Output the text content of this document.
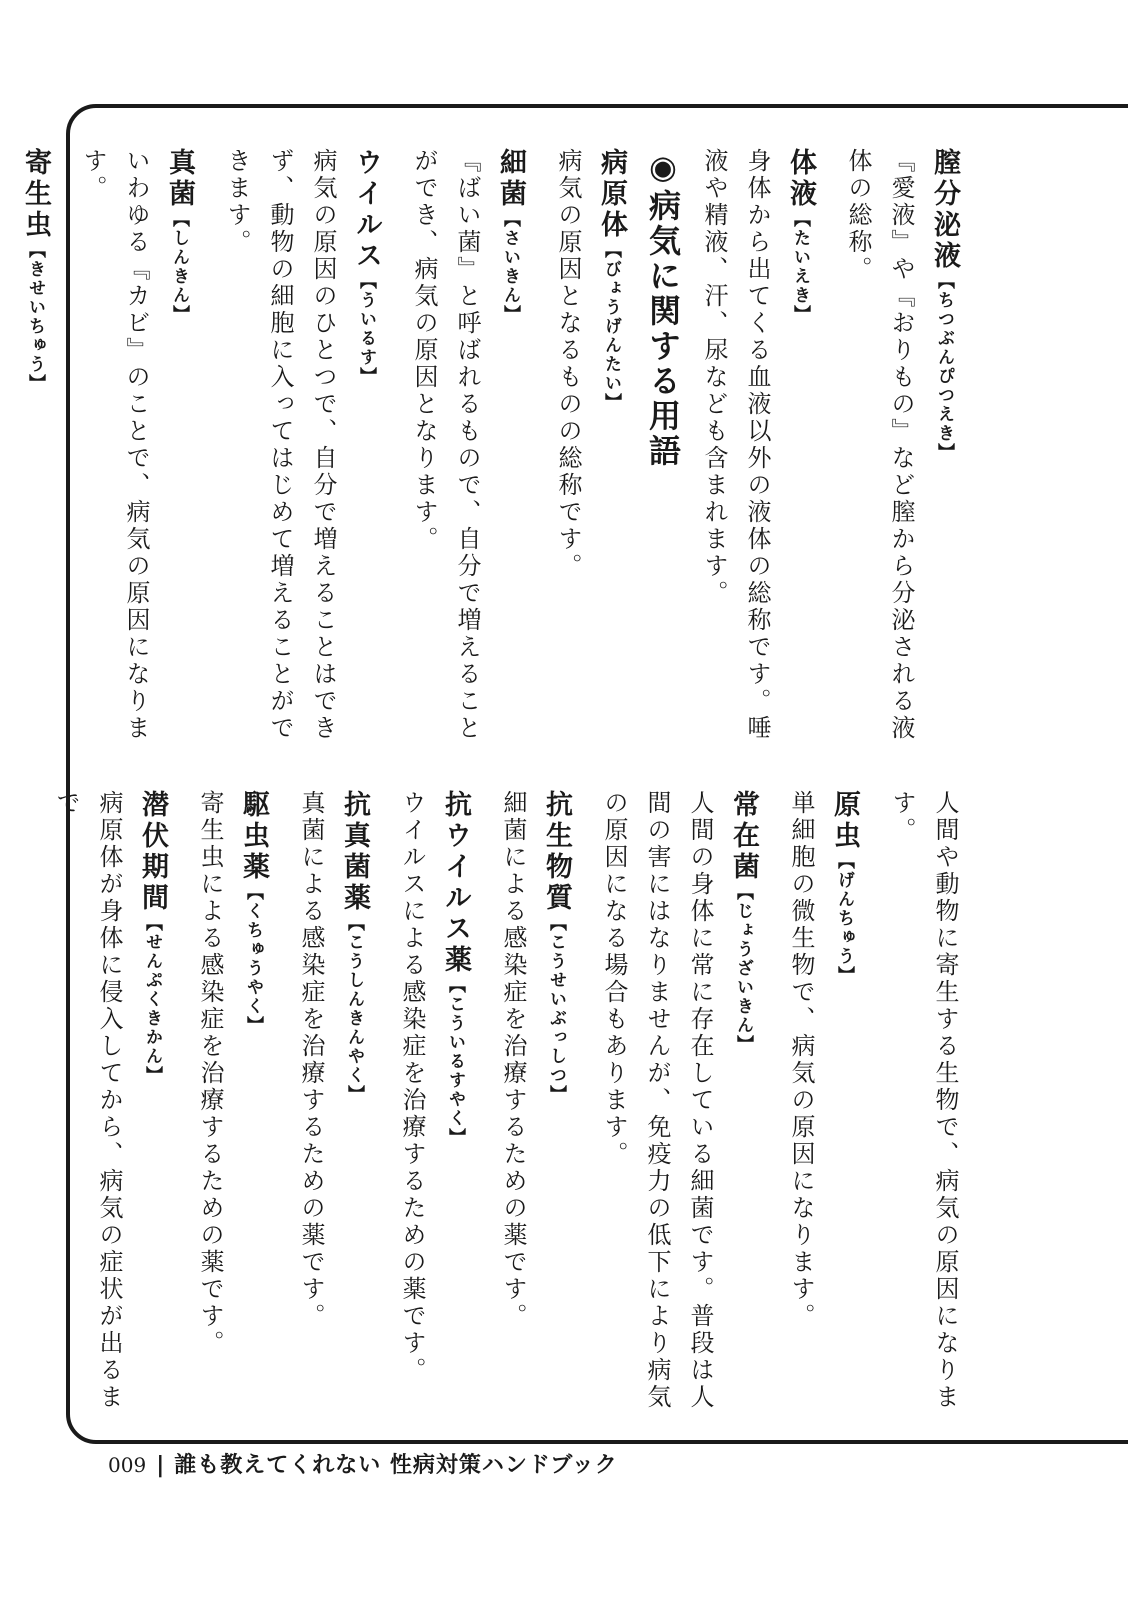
膣分泌液【ちつぶんぴつえき】

『愛液』や『おりもの』など膣から分泌される液体の総称。

体液【たいえき】

身体から出てくる血液以外の液体の総称です。唾液や精液、汗、尿なども含まれます。

◉病気に関する用語

病原体【びょうげんたい】

病気の原因となるものの総称です。

細菌【さいきん】

『ばい菌』と呼ばれるもので、自分で増えることができ、病気の原因となります。

ウイルス【ういるす】

病気の原因のひとつで、自分で増えることはできず、動物の細胞に入ってはじめて増えることができます。

真菌【しんきん】

いわゆる『カビ』のことで、病気の原因になります。

寄生虫【きせいちゅう】

人間や動物に寄生する生物で、病気の原因になります。

原虫【げんちゅう】

単細胞の微生物で、病気の原因になります。

常在菌【じょうざいきん】

人間の身体に常に存在している細菌です。普段は人間の害にはなりませんが、免疫力の低下により病気の原因になる場合もあります。

抗生物質【こうせいぶっしつ】

細菌による感染症を治療するための薬です。

抗ウイルス薬【こういるすやく】

ウイルスによる感染症を治療するための薬です。

抗真菌薬【こうしんきんやく】

真菌による感染症を治療するための薬です。

駆虫薬【くちゅうやく】

寄生虫による感染症を治療するための薬です。

潜伏期間【せんぷくきかん】

病原体が身体に侵入してから、病気の症状が出るまで

009 | 誰も教えてくれない 性病対策ハンドブック
